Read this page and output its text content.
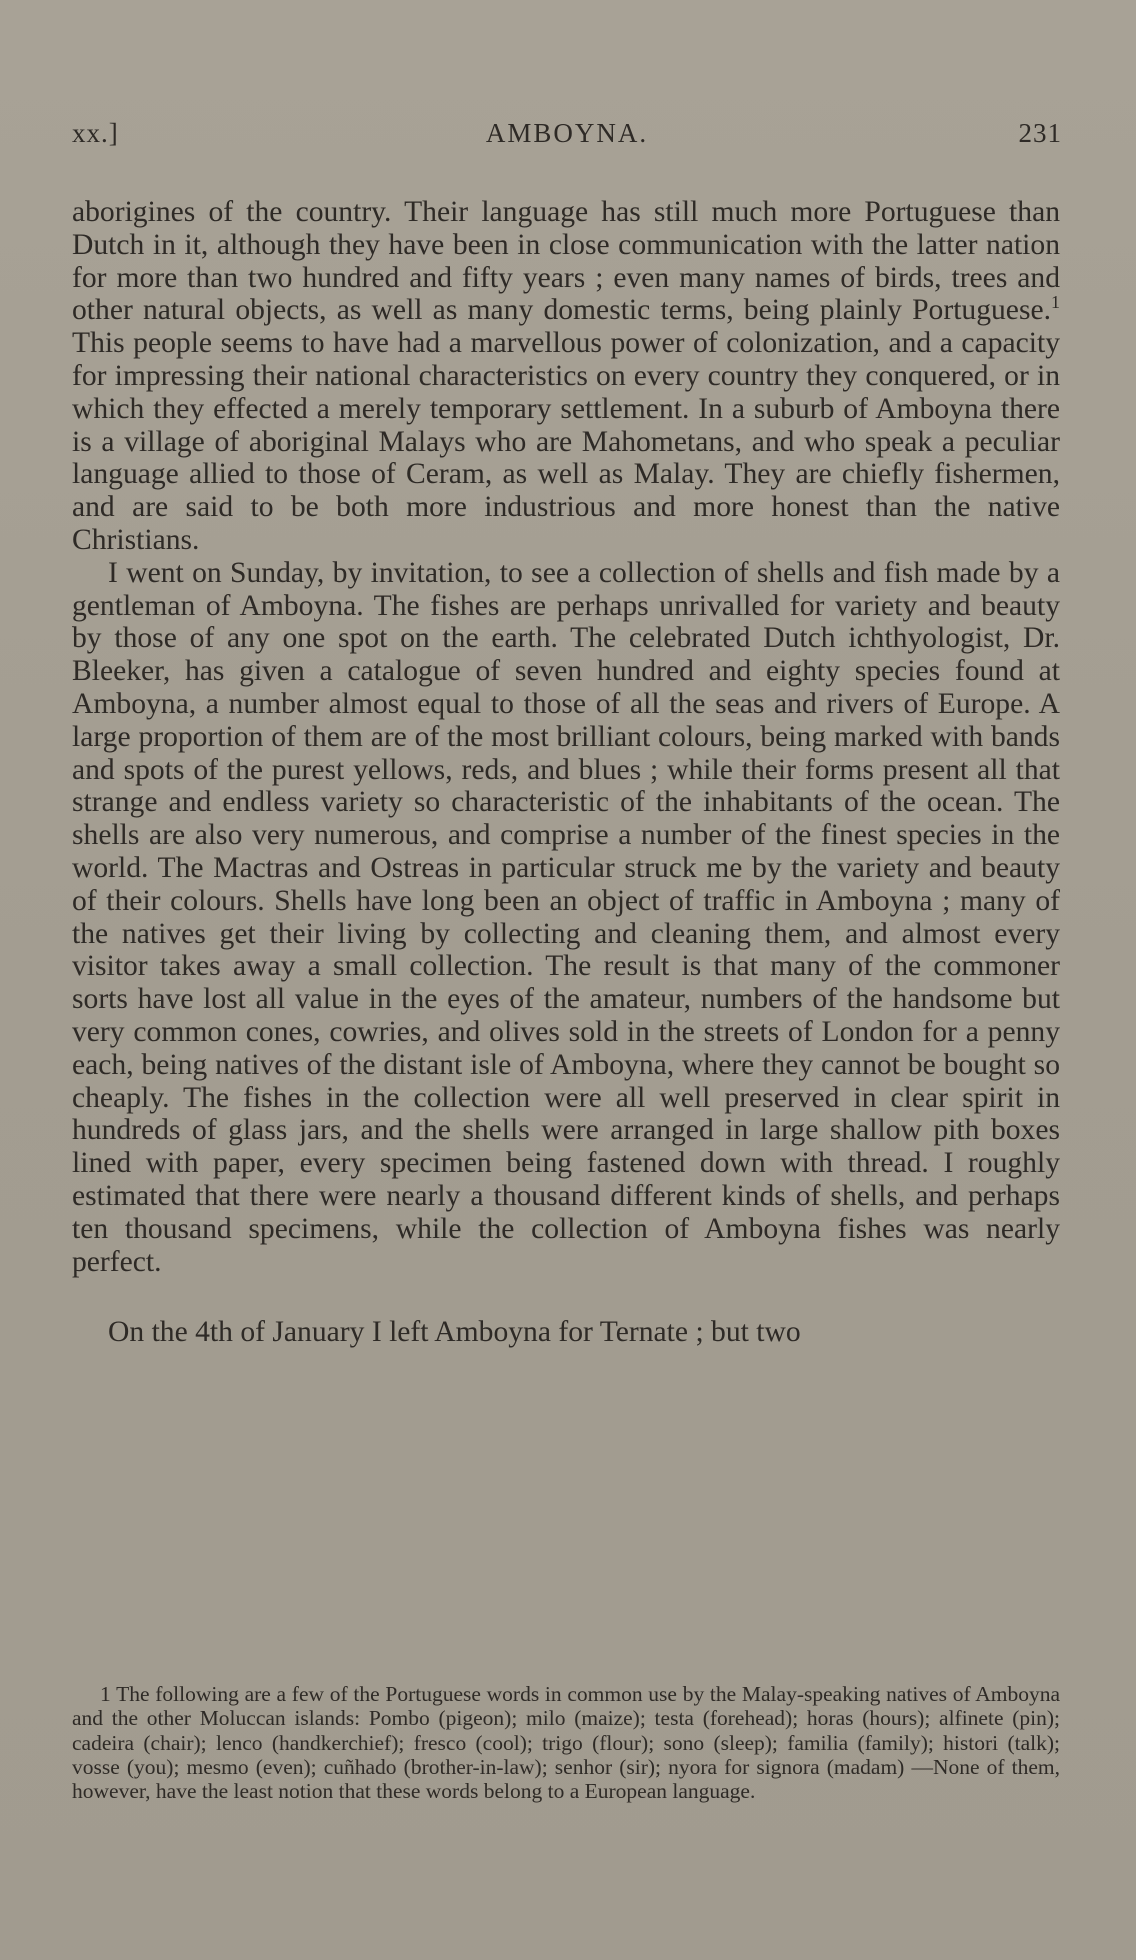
xx.]	AMBOYNA.	231

aborigines of the country. Their language has still much more Portuguese than Dutch in it, although they have been in close communication with the latter nation for more than two hundred and fifty years ; even many names of birds, trees and other natural objects, as well as many domestic terms, being plainly Portuguese.$^1$ This people seems to have had a marvellous power of colonization, and a capacity for impressing their national characteristics on every country they conquered, or in which they effected a merely temporary settlement. In a suburb of Amboyna there is a village of aboriginal Malays who are Mahometans, and who speak a peculiar language allied to those of Ceram, as well as Malay. They are chiefly fishermen, and are said to be both more industrious and more honest than the native Christians.

I went on Sunday, by invitation, to see a collection of shells and fish made by a gentleman of Amboyna. The fishes are perhaps unrivalled for variety and beauty by those of any one spot on the earth. The celebrated Dutch ichthyologist, Dr. Bleeker, has given a catalogue of seven hundred and eighty species found at Amboyna, a number almost equal to those of all the seas and rivers of Europe. A large proportion of them are of the most brilliant colours, being marked with bands and spots of the purest yellows, reds, and blues ; while their forms present all that strange and endless variety so characteristic of the inhabitants of the ocean. The shells are also very numerous, and comprise a number of the finest species in the world. The Mactras and Ostreas in particular struck me by the variety and beauty of their colours. Shells have long been an object of traffic in Amboyna ; many of the natives get their living by collecting and cleaning them, and almost every visitor takes away a small collection. The result is that many of the commoner sorts have lost all value in the eyes of the amateur, numbers of the handsome but very common cones, cowries, and olives sold in the streets of London for a penny each, being natives of the distant isle of Amboyna, where they cannot be bought so cheaply. The fishes in the collection were all well preserved in clear spirit in hundreds of glass jars, and the shells were arranged in large shallow pith boxes lined with paper, every specimen being fastened down with thread. I roughly estimated that there were nearly a thousand different kinds of shells, and perhaps ten thousand specimens, while the collection of Amboyna fishes was nearly perfect.

On the 4th of January I left Amboyna for Ternate ; but two

1 The following are a few of the Portuguese words in common use by the Malay-speaking natives of Amboyna and the other Moluccan islands: Pombo (pigeon); milo (maize); testa (forehead); horas (hours); alfinete (pin); cadeira (chair); lenco (handkerchief); fresco (cool); trigo (flour); sono (sleep); familia (family); histori (talk); vosse (you); mesmo (even); cuñhado (brother-in-law); senhor (sir); nyora for signora (madam) —None of them, however, have the least notion that these words belong to a European language.
